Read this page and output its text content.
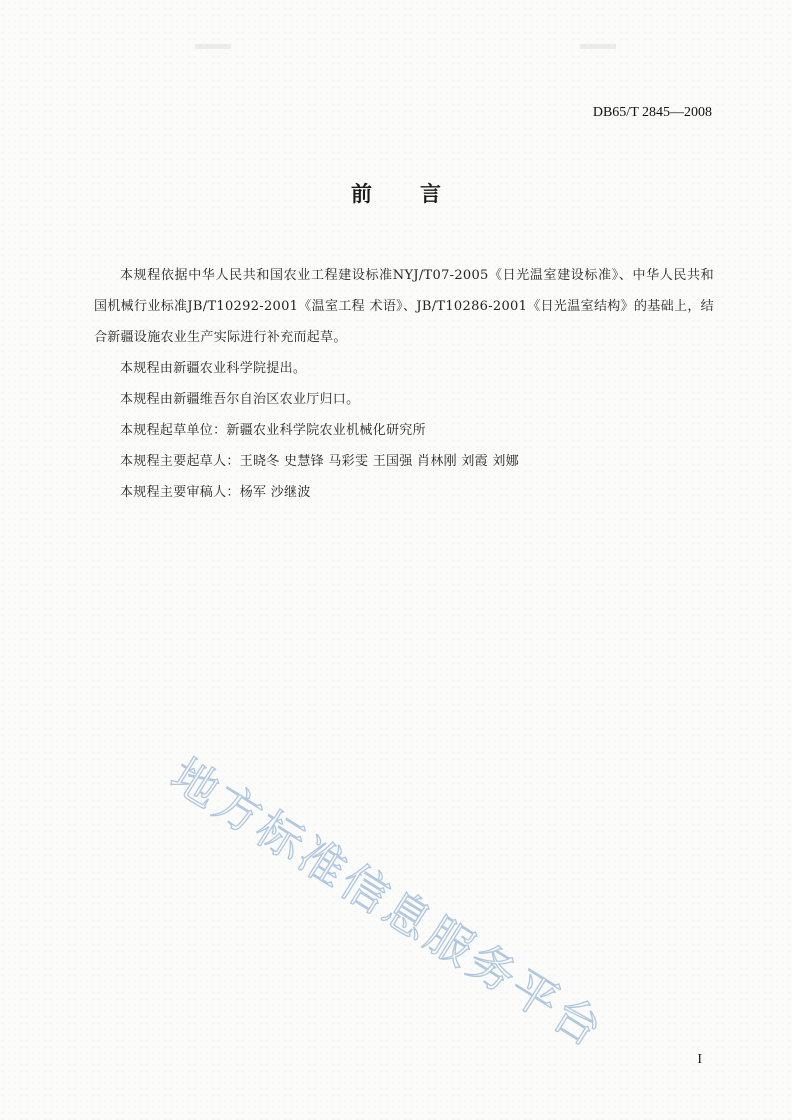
DB65/T 2845—2008
前 言

本规程依据中华人民共和国农业工程建设标准NYJ/T07-2005《日光温室建设标准》、中华人民共和国机械行业标准JB/T10292-2001《温室工程 术语》、JB/T10286-2001《日光温室结构》的基础上，结合新疆设施农业生产实际进行补充而起草。

本规程由新疆农业科学院提出。

本规程由新疆维吾尔自治区农业厅归口。

本规程起草单位：新疆农业科学院农业机械化研究所

本规程主要起草人：王晓冬 史慧锋 马彩雯 王国强 肖林刚 刘霞 刘娜

本规程主要审稿人：杨军 沙继波

地方标准信息服务平台
I
